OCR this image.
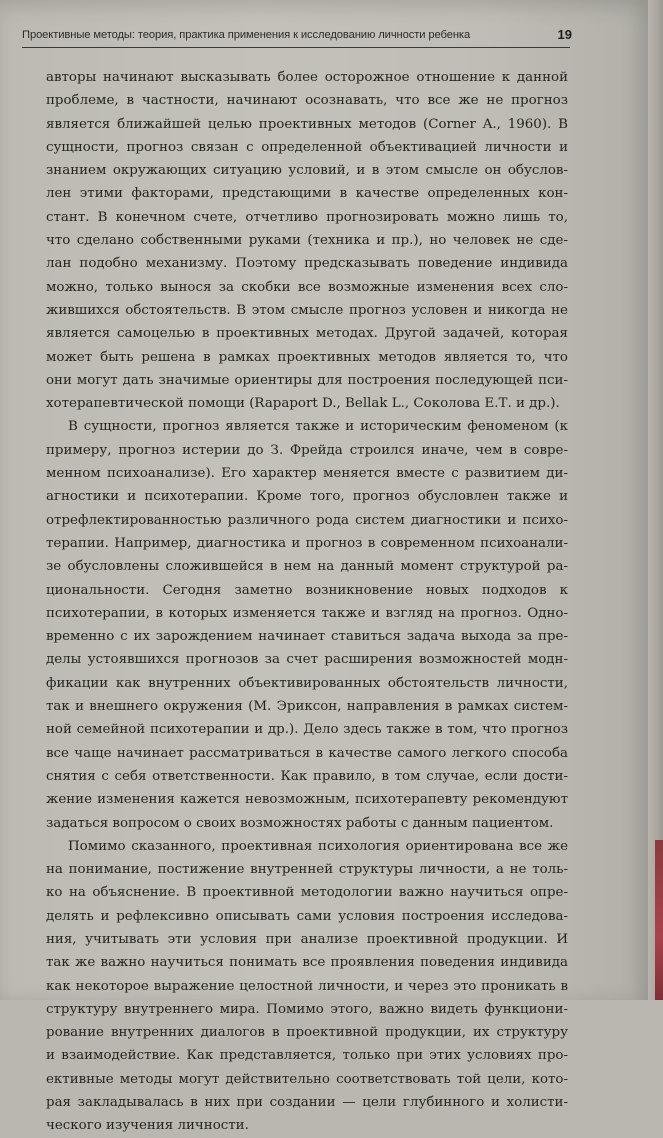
Проективные методы: теория, практика применения к исследованию личности ребенка	19

авторы начинают высказывать более осторожное отношение к данной
проблеме, в частности, начинают осознавать, что все же не прогноз
является ближайшей целью проективных методов (Corner A., 1960). В
сущности, прогноз связан с определенной объективацией личности и
знанием окружающих ситуацию условий, и в этом смысле он обуслов-
лен этими факторами, предстающими в качестве определенных кон-
стант. В конечном счете, отчетливо прогнозировать можно лишь то,
что сделано собственными руками (техника и пр.), но человек не сде-
лан подобно механизму. Поэтому предсказывать поведение индивида
можно, только вынося за скобки все возможные изменения всех сло-
жившихся обстоятельств. В этом смысле прогноз условен и никогда не
является самоцелью в проективных методах. Другой задачей, которая
может быть решена в рамках проективных методов является то, что
они могут дать значимые ориентиры для построения последующей пси-
хотерапевтической помощи (Rapaport D., Bellak L., Соколова Е.Т. и др.).

В сущности, прогноз является также и историческим феноменом (к
примеру, прогноз истерии до З. Фрейда строился иначе, чем в совре-
менном психоанализе). Его характер меняется вместе с развитием ди-
агностики и психотерапии. Кроме того, прогноз обусловлен также и
отрефлектированностью различного рода систем диагностики и психо-
терапии. Например, диагностика и прогноз в современном психоанали-
зе обусловлены сложившейся в нем на данный момент структурой ра-
циональности. Сегодня заметно возникновение новых подходов к
психотерапии, в которых изменяется также и взгляд на прогноз. Одно-
временно с их зарождением начинает ставиться задача выхода за пре-
делы устоявшихся прогнозов за счет расширения возможностей модн-
фикации как внутренних объективированных обстоятельств личности,
так и внешнего окружения (М. Эриксон, направления в рамках систем-
ной семейной психотерапии и др.). Дело здесь также в том, что прогноз
все чаще начинает рассматриваться в качестве самого легкого способа
снятия с себя ответственности. Как правило, в том случае, если дости-
жение изменения кажется невозможным, психотерапевту рекомендуют
задаться вопросом о своих возможностях работы с данным пациентом.

Помимо сказанного, проективная психология ориентирована все же
на понимание, постижение внутренней структуры личности, а не толь-
ко на объяснение. В проективной методологии важно научиться опре-
делять и рефлексивно описывать сами условия построения исследова-
ния, учитывать эти условия при анализе проективной продукции. И
так же важно научиться понимать все проявления поведения индивида
как некоторое выражение целостной личности, и через это проникать в
структуру внутреннего мира. Помимо этого, важно видеть функциони-
рование внутренних диалогов в проективной продукции, их структуру
и взаимодействие. Как представляется, только при этих условиях про-
ективные методы могут действительно соответствовать той цели, кото-
рая закладывалась в них при создании — цели глубинного и холисти-
ческого изучения личности.
